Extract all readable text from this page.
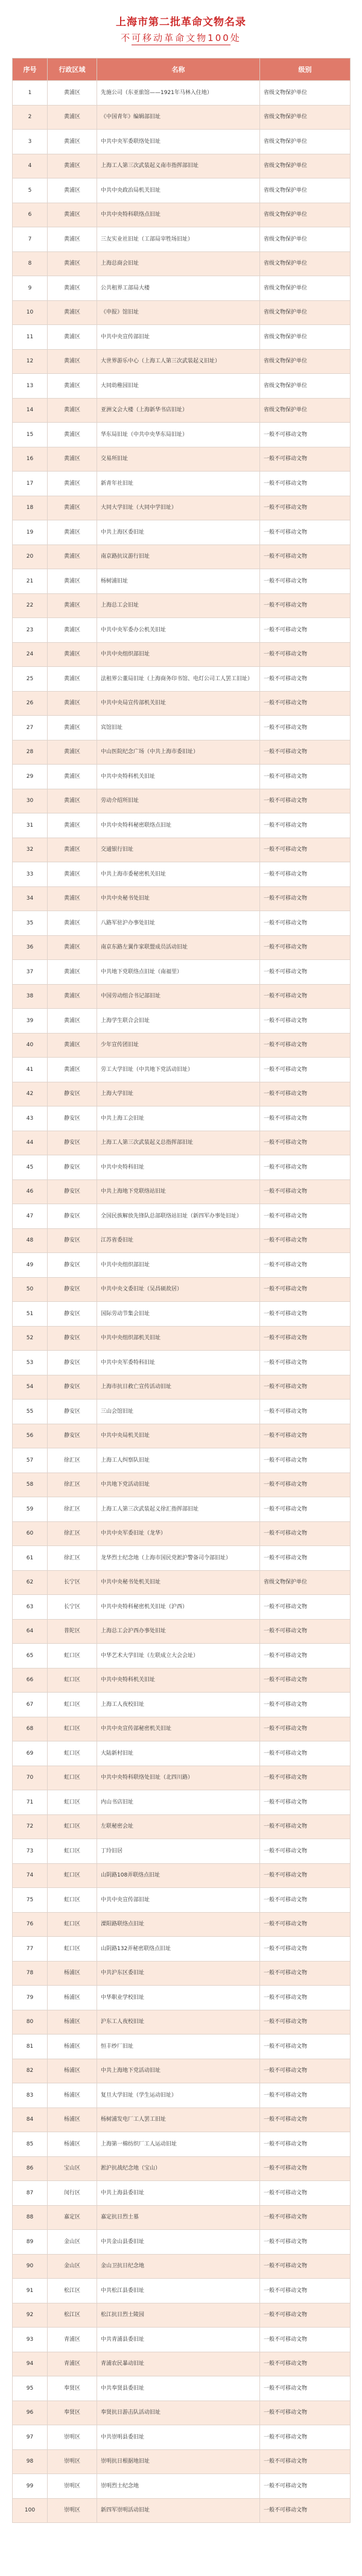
上海市第二批革命文物名录
不可移动革命文物100处
序号	行政区域	名称	级别
1	黄浦区	先施公司（东亚旅馆——1921年马林入住地）	省级文物保护单位
2	黄浦区	《中国青年》编辑部旧址	省级文物保护单位
3	黄浦区	中共中央军委联络处旧址	省级文物保护单位
4	黄浦区	上海工人第三次武装起义南市指挥部旧址	省级文物保护单位
5	黄浦区	中共中央政治局机关旧址	省级文物保护单位
6	黄浦区	中共中央特科联络点旧址	省级文物保护单位
7	黄浦区	三友实业社旧址（工部局宰牲场旧址）	省级文物保护单位
8	黄浦区	上海总商会旧址	省级文物保护单位
9	黄浦区	公共租界工部局大楼	省级文物保护单位
10	黄浦区	《申报》馆旧址	省级文物保护单位
11	黄浦区	中共中央宣传部旧址	省级文物保护单位
12	黄浦区	大世界游乐中心（上海工人第三次武装起义旧址）	省级文物保护单位
13	黄浦区	大同幼稚园旧址	省级文物保护单位
14	黄浦区	亚洲文会大楼（上海新华书店旧址）	省级文物保护单位
15	黄浦区	华东局旧址（中共中央华东局旧址）	一般不可移动文物
16	黄浦区	交易所旧址	一般不可移动文物
17	黄浦区	新青年社旧址	一般不可移动文物
18	黄浦区	大同大学旧址（大同中学旧址）	一般不可移动文物
19	黄浦区	中共上海区委旧址	一般不可移动文物
20	黄浦区	南京路抗议游行旧址	一般不可移动文物
21	黄浦区	杨树浦旧址	一般不可移动文物
22	黄浦区	上海总工会旧址	一般不可移动文物
23	黄浦区	中共中央军委办公机关旧址	一般不可移动文物
24	黄浦区	中共中央组织部旧址	一般不可移动文物
25	黄浦区	法租界公董局旧址（上海商务印书馆、电灯公司工人罢工旧址）	一般不可移动文物
26	黄浦区	中共中央局宣传部机关旧址	一般不可移动文物
27	黄浦区	宾馆旧址	一般不可移动文物
28	黄浦区	中山医院纪念广场（中共上海市委旧址）	一般不可移动文物
29	黄浦区	中共中央特科机关旧址	一般不可移动文物
30	黄浦区	劳动介绍所旧址	一般不可移动文物
31	黄浦区	中共中央特科秘密联络点旧址	一般不可移动文物
32	黄浦区	交通银行旧址	一般不可移动文物
33	黄浦区	中共上海市委秘密机关旧址	一般不可移动文物
34	黄浦区	中共中央秘书处旧址	一般不可移动文物
35	黄浦区	八路军驻沪办事处旧址	一般不可移动文物
36	黄浦区	南京东路左翼作家联盟成员活动旧址	一般不可移动文物
37	黄浦区	中共地下党联络点旧址（南福里）	一般不可移动文物
38	黄浦区	中国劳动组合书记部旧址	一般不可移动文物
39	黄浦区	上海学生联合会旧址	一般不可移动文物
40	黄浦区	少年宣传团旧址	一般不可移动文物
41	黄浦区	劳工大学旧址（中共地下党活动旧址）	一般不可移动文物
42	静安区	上海大学旧址	一般不可移动文物
43	静安区	中共上海工会旧址	一般不可移动文物
44	静安区	上海工人第三次武装起义总指挥部旧址	一般不可移动文物
45	静安区	中共中央特科旧址	一般不可移动文物
46	静安区	中共上海地下党联络站旧址	一般不可移动文物
47	静安区	全国民族解放先锋队总部联络站旧址（新四军办事处旧址）	一般不可移动文物
48	静安区	江苏省委旧址	一般不可移动文物
49	静安区	中共中央组织部旧址	一般不可移动文物
50	静安区	中共中央文委旧址（吴昌硕故居）	一般不可移动文物
51	静安区	国际劳动节集会旧址	一般不可移动文物
52	静安区	中共中央组织部机关旧址	一般不可移动文物
53	静安区	中共中央军委特科旧址	一般不可移动文物
54	静安区	上海市抗日救亡宣传活动旧址	一般不可移动文物
55	静安区	三山会馆旧址	一般不可移动文物
56	静安区	中共中央局机关旧址	一般不可移动文物
57	徐汇区	上海工人纠察队旧址	一般不可移动文物
58	徐汇区	中共地下党活动旧址	一般不可移动文物
59	徐汇区	上海工人第三次武装起义徐汇指挥部旧址	一般不可移动文物
60	徐汇区	中共中央军委旧址（龙华）	一般不可移动文物
61	徐汇区	龙华烈士纪念地（上海市国民党淞沪警备司令部旧址）	一般不可移动文物
62	长宁区	中共中央秘书处机关旧址	省级文物保护单位
63	长宁区	中共中央特科秘密机关旧址（沪西）	一般不可移动文物
64	普陀区	上海总工会沪西办事处旧址	一般不可移动文物
65	虹口区	中华艺术大学旧址（左联成立大会会址）	一般不可移动文物
66	虹口区	中共中央特科机关旧址	一般不可移动文物
67	虹口区	上海工人夜校旧址	一般不可移动文物
68	虹口区	中共中央宣传部秘密机关旧址	一般不可移动文物
69	虹口区	大陆新村旧址	一般不可移动文物
70	虹口区	中共中央特科联络处旧址（北四川路）	一般不可移动文物
71	虹口区	内山书店旧址	一般不可移动文物
72	虹口区	左联秘密会址	一般不可移动文物
73	虹口区	丁玲旧居	一般不可移动文物
74	虹口区	山阴路108弄联络点旧址	一般不可移动文物
75	虹口区	中共中央宣传部旧址	一般不可移动文物
76	虹口区	溧阳路联络点旧址	一般不可移动文物
77	虹口区	山阴路132弄秘密联络点旧址	一般不可移动文物
78	杨浦区	中共沪东区委旧址	一般不可移动文物
79	杨浦区	中华职业学校旧址	一般不可移动文物
80	杨浦区	沪东工人夜校旧址	一般不可移动文物
81	杨浦区	恒丰纱厂旧址	一般不可移动文物
82	杨浦区	中共上海地下党活动旧址	一般不可移动文物
83	杨浦区	复旦大学旧址（学生运动旧址）	一般不可移动文物
84	杨浦区	杨树浦发电厂工人罢工旧址	一般不可移动文物
85	杨浦区	上海第一棉纺织厂工人运动旧址	一般不可移动文物
86	宝山区	淞沪抗战纪念地（宝山）	一般不可移动文物
87	闵行区	中共上海县委旧址	一般不可移动文物
88	嘉定区	嘉定抗日烈士墓	一般不可移动文物
89	金山区	中共金山县委旧址	一般不可移动文物
90	金山区	金山卫抗日纪念地	一般不可移动文物
91	松江区	中共松江县委旧址	一般不可移动文物
92	松江区	松江抗日烈士陵园	一般不可移动文物
93	青浦区	中共青浦县委旧址	一般不可移动文物
94	青浦区	青浦农民暴动旧址	一般不可移动文物
95	奉贤区	中共奉贤县委旧址	一般不可移动文物
96	奉贤区	奉贤抗日游击队活动旧址	一般不可移动文物
97	崇明区	中共崇明县委旧址	一般不可移动文物
98	崇明区	崇明抗日根据地旧址	一般不可移动文物
99	崇明区	崇明烈士纪念地	一般不可移动文物
100	崇明区	新四军崇明活动旧址	一般不可移动文物
